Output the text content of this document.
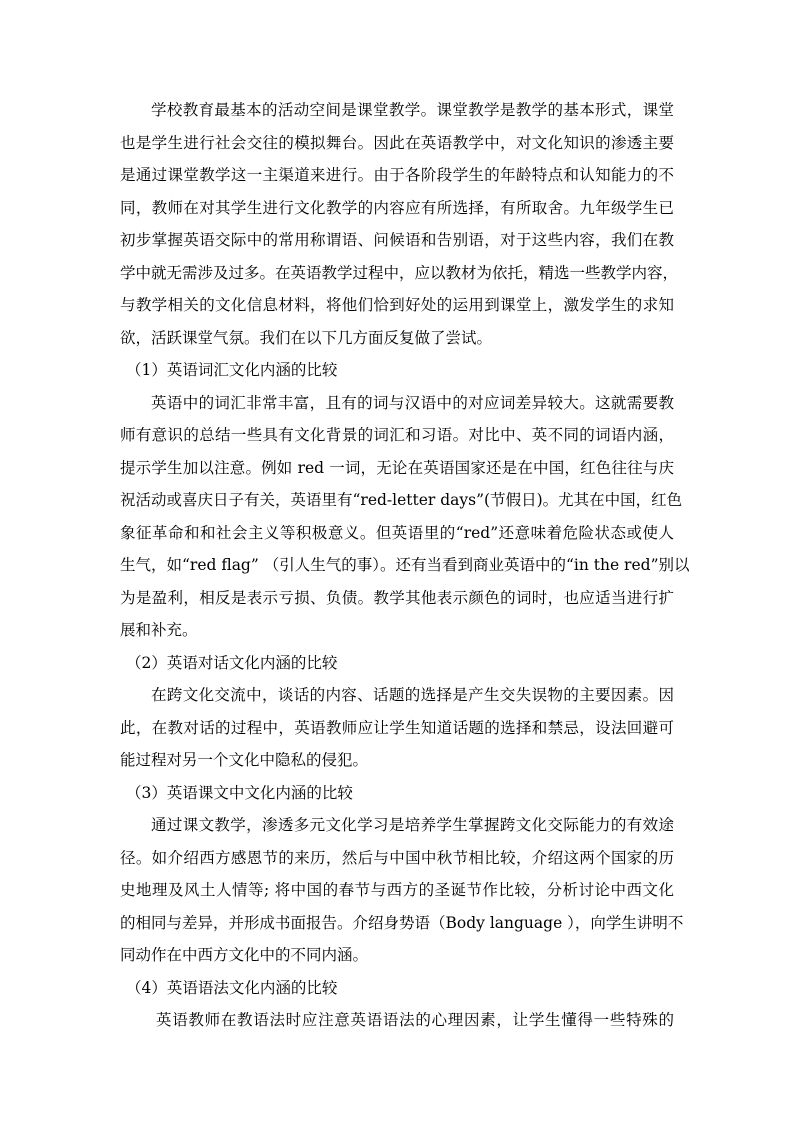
学校教育最基本的活动空间是课堂教学。课堂教学是教学的基本形式，课堂
也是学生进行社会交往的模拟舞台。因此在英语教学中，对文化知识的渗透主要
是通过课堂教学这一主渠道来进行。由于各阶段学生的年龄特点和认知能力的不
同，教师在对其学生进行文化教学的内容应有所选择，有所取舍。九年级学生已
初步掌握英语交际中的常用称谓语、问候语和告别语，对于这些内容，我们在教
学中就无需涉及过多。在英语教学过程中，应以教材为依托，精选一些教学内容，
与教学相关的文化信息材料，将他们恰到好处的运用到课堂上，激发学生的求知
欲，活跃课堂气氛。我们在以下几方面反复做了尝试。
（1）英语词汇文化内涵的比较
英语中的词汇非常丰富，且有的词与汉语中的对应词差异较大。这就需要教
师有意识的总结一些具有文化背景的词汇和习语。对比中、英不同的词语内涵，
提示学生加以注意。例如 red 一词，无论在英语国家还是在中国，红色往往与庆
祝活动或喜庆日子有关，英语里有“red-letter days”(节假日)。尤其在中国，红色
象征革命和和社会主义等积极意义。但英语里的“red”还意味着危险状态或使人
生气，如“red flag” （引人生气的事）。还有当看到商业英语中的“in the red”别以
为是盈利，相反是表示亏损、负债。教学其他表示颜色的词时，也应适当进行扩
展和补充。
（2）英语对话文化内涵的比较
在跨文化交流中，谈话的内容、话题的选择是产生交失误物的主要因素。因
此，在教对话的过程中，英语教师应让学生知道话题的选择和禁忌，设法回避可
能过程对另一个文化中隐私的侵犯。
（3）英语课文中文化内涵的比较
通过课文教学，渗透多元文化学习是培养学生掌握跨文化交际能力的有效途
径。如介绍西方感恩节的来历，然后与中国中秋节相比较，介绍这两个国家的历
史地理及风土人情等; 将中国的春节与西方的圣诞节作比较，分析讨论中西文化
的相同与差异，并形成书面报告。介绍身势语（Body language ），向学生讲明不
同动作在中西方文化中的不同内涵。
（4）英语语法文化内涵的比较
英语教师在教语法时应注意英语语法的心理因素，让学生懂得一些特殊的
